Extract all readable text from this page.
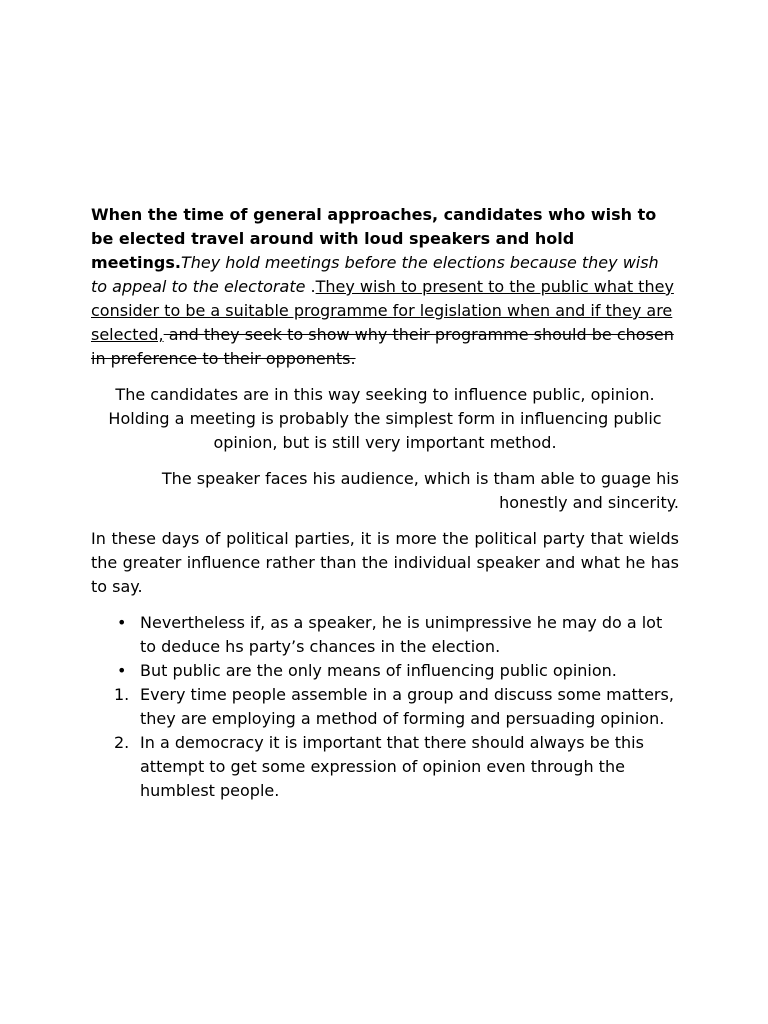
When the time of general approaches, candidates who wish to be elected travel around with loud speakers and hold meetings.They hold meetings before the elections because they wish to appeal to the electorate .They wish to present to the public what they consider to be a suitable programme for legislation when and if they are selected, and they seek to show why their programme should be chosen in preference to their opponents.

The candidates are in this way seeking to influence public, opinion. Holding a meeting is probably the simplest form in influencing public opinion, but is still very important method.

The speaker faces his audience, which is tham able to guage his honestly and sincerity.

In these days of political parties, it is more the political party that wields the greater influence rather than the individual speaker and what he has to say.

• Nevertheless if, as a speaker, he is unimpressive he may do a lot to deduce hs party’s chances in the election.
• But public are the only means of influencing public opinion.
1. Every time people assemble in a group and discuss some matters, they are employing a method of forming and persuading opinion.
2. In a democracy it is important that there should always be this attempt to get some expression of opinion even through the humblest people.
